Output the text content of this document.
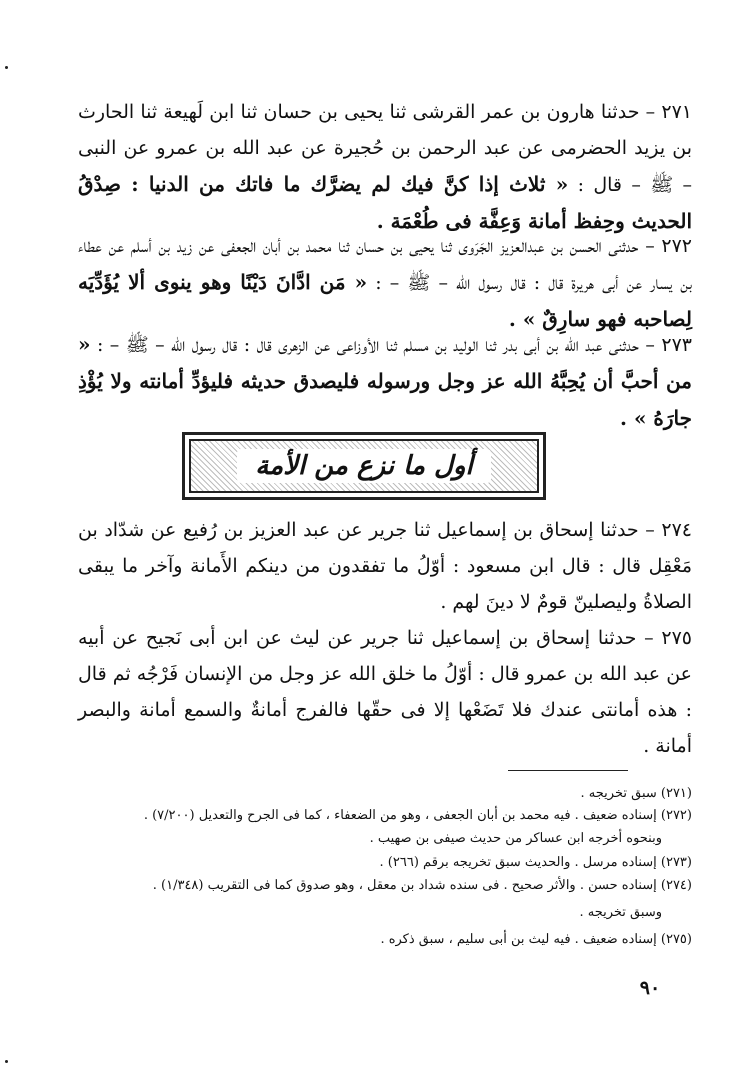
٢٧١ – حدثنا هارون بن عمر القرشى ثنا يحيى بن حسان ثنا ابن لَهيعة ثنا الحارث بن يزيد الحضرمى عن عبد الرحمن بن حُجيرة عن عبد الله بن عمرو عن النبى – ﷺ – قال : « ثلاث إذا كنَّ فيك لم يضرَّك ما فاتك من الدنيا : صِدْقُ الحديث وحِفظ أمانة وَعِفَّة فى طُعْمَة .
٢٧٢ – حدثنى الحسن بن عبدالعزيز الجَرَوى ثنا يحيى بن حسان ثنا محمد بن أبان الجعفى عن زيد بن أسلم عن عطاء بن يسار عن أبى هريرة قال : قال رسول الله – ﷺ – : « مَن ادَّانَ دَيْنًا وهو ينوى ألا يُؤَدِّيَه لِصاحبه فهو سارِقٌ » .
٢٧٣ – حدثنى عبد الله بن أبى بدر ثنا الوليد بن مسلم ثنا الأوزاعى عن الزهرى قال : قال رسول الله – ﷺ – : « من أحبَّ أن يُحِبَّهُ الله عز وجل ورسوله فليصدق حديثه فليؤدِّ أمانته ولا يُؤْذِ جارَهُ » .
أول ما نزع من الأمة
٢٧٤ – حدثنا إسحاق بن إسماعيل ثنا جرير عن عبد العزيز بن رُفيع عن شدّاد بن مَعْقِل قال : قال ابن مسعود : أوّلُ ما تفقدون من دينكم الأَمانة وآخر ما يبقى الصلاةُ وليصلينّ قومٌ لا دينَ لهم .
٢٧٥ – حدثنا إسحاق بن إسماعيل ثنا جرير عن ليث عن ابن أبى نَجيح عن أبيه عن عبد الله بن عمرو قال : أوّلُ ما خلق الله عز وجل من الإنسان فَرْجُه ثم قال : هذه أمانتى عندك فلا تَضَعْها إلا فى حقّها فالفرج أمانةٌ والسمع أمانة والبصر أمانة .
(٢٧١) سبق تخريجه .
(٢٧٢) إسناده ضعيف . فيه محمد بن أبان الجعفى ، وهو من الضعفاء ، كما فى الجرح والتعديل (٧/٢٠٠) .
وبنحوه أخرجه ابن عساكر من حديث صيفى بن صهيب .
(٢٧٣) إسناده مرسل . والحديث سبق تخريجه برقم (٢٦٦) .
(٢٧٤) إسناده حسن . والأثر صحيح . فى سنده شداد بن معقل ، وهو صدوق كما فى التقريب (١/٣٤٨) .
وسبق تخريجه .
(٢٧٥) إسناده ضعيف . فيه ليث بن أبى سليم ، سبق ذكره .
٩٠
